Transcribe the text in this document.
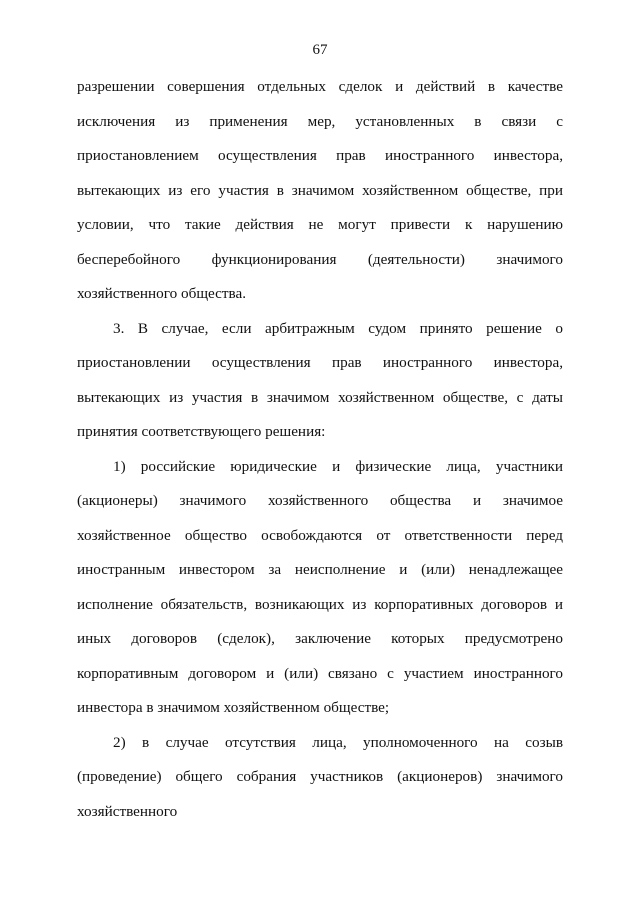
67

разрешении совершения отдельных сделок и действий в качестве исключения из применения мер, установленных в связи с приостановлением осуществления прав иностранного инвестора, вытекающих из его участия в значимом хозяйственном обществе, при условии, что такие действия не могут привести к нарушению бесперебойного функционирования (деятельности) значимого хозяйственного общества.

3. В случае, если арбитражным судом принято решение о приостановлении осуществления прав иностранного инвестора, вытекающих из участия в значимом хозяйственном обществе, с даты принятия соответствующего решения:

1) российские юридические и физические лица, участники (акционеры) значимого хозяйственного общества и значимое хозяйственное общество освобождаются от ответственности перед иностранным инвестором за неисполнение и (или) ненадлежащее исполнение обязательств, возникающих из корпоративных договоров и иных договоров (сделок), заключение которых предусмотрено корпоративным договором и (или) связано с участием иностранного инвестора в значимом хозяйственном обществе;

2) в случае отсутствия лица, уполномоченного на созыв (проведение) общего собрания участников (акционеров) значимого хозяйственного
